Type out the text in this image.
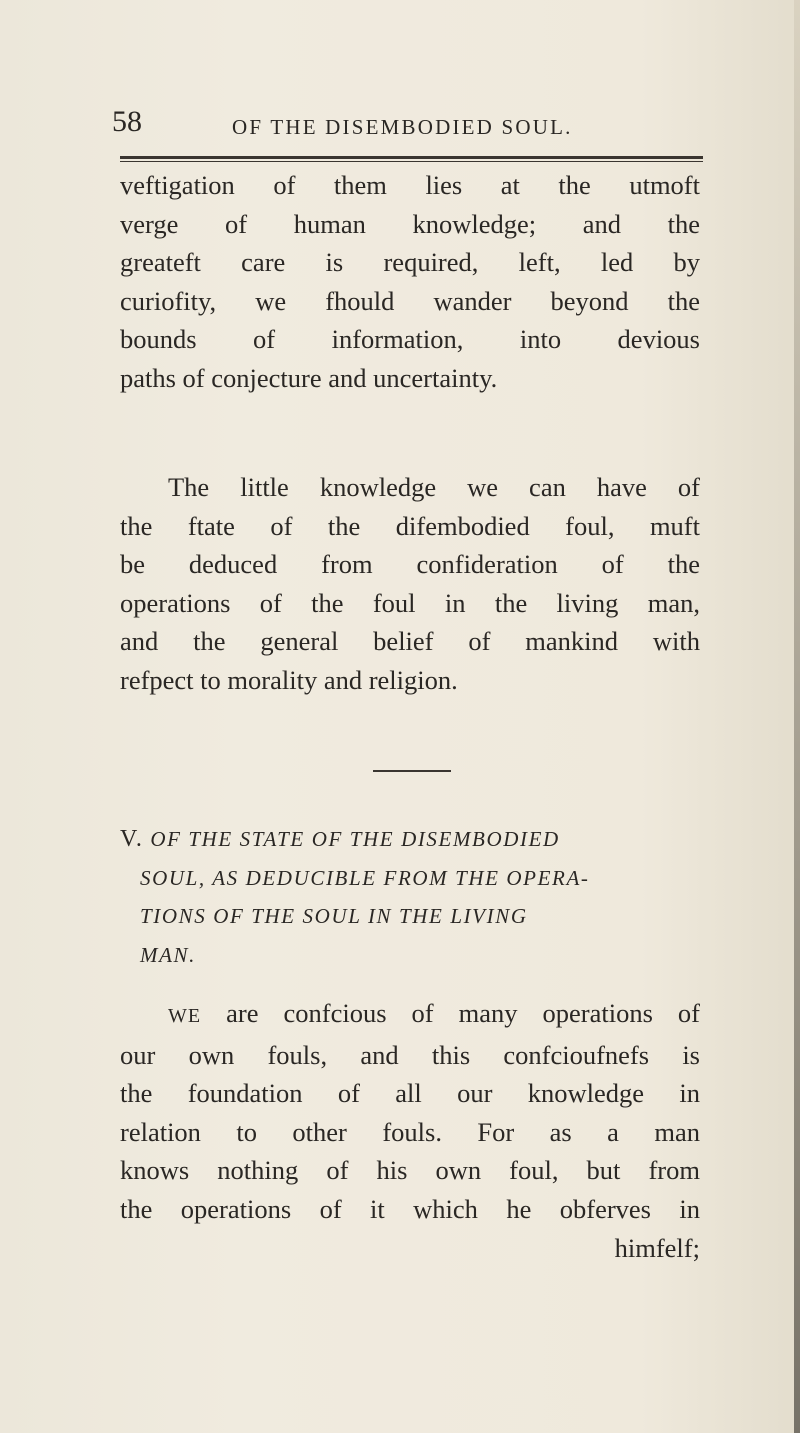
58	OF THE DISEMBODIED SOUL.

veftigation of them lies at the utmoft
verge of human knowledge; and the
greateft care is required, left, led by
curiofity, we fhould wander beyond the
bounds of information, into devious
paths of conjecture and uncertainty.

The little knowledge we can have of
the ftate of the difembodied foul, muft
be deduced from confideration of the
operations of the foul in the living man,
and the general belief of mankind with
refpect to morality and religion.

V. OF THE STATE OF THE DISEMBODIED
SOUL, AS DEDUCIBLE FROM THE OPERA-
TIONS OF THE SOUL IN THE LIVING
MAN.

WE are confcious of many operations of
our own fouls, and this confcioufnefs is
the foundation of all our knowledge in
relation to other fouls. For as a man
knows nothing of his own foul, but from
the operations of it which he obferves in
himfelf;
